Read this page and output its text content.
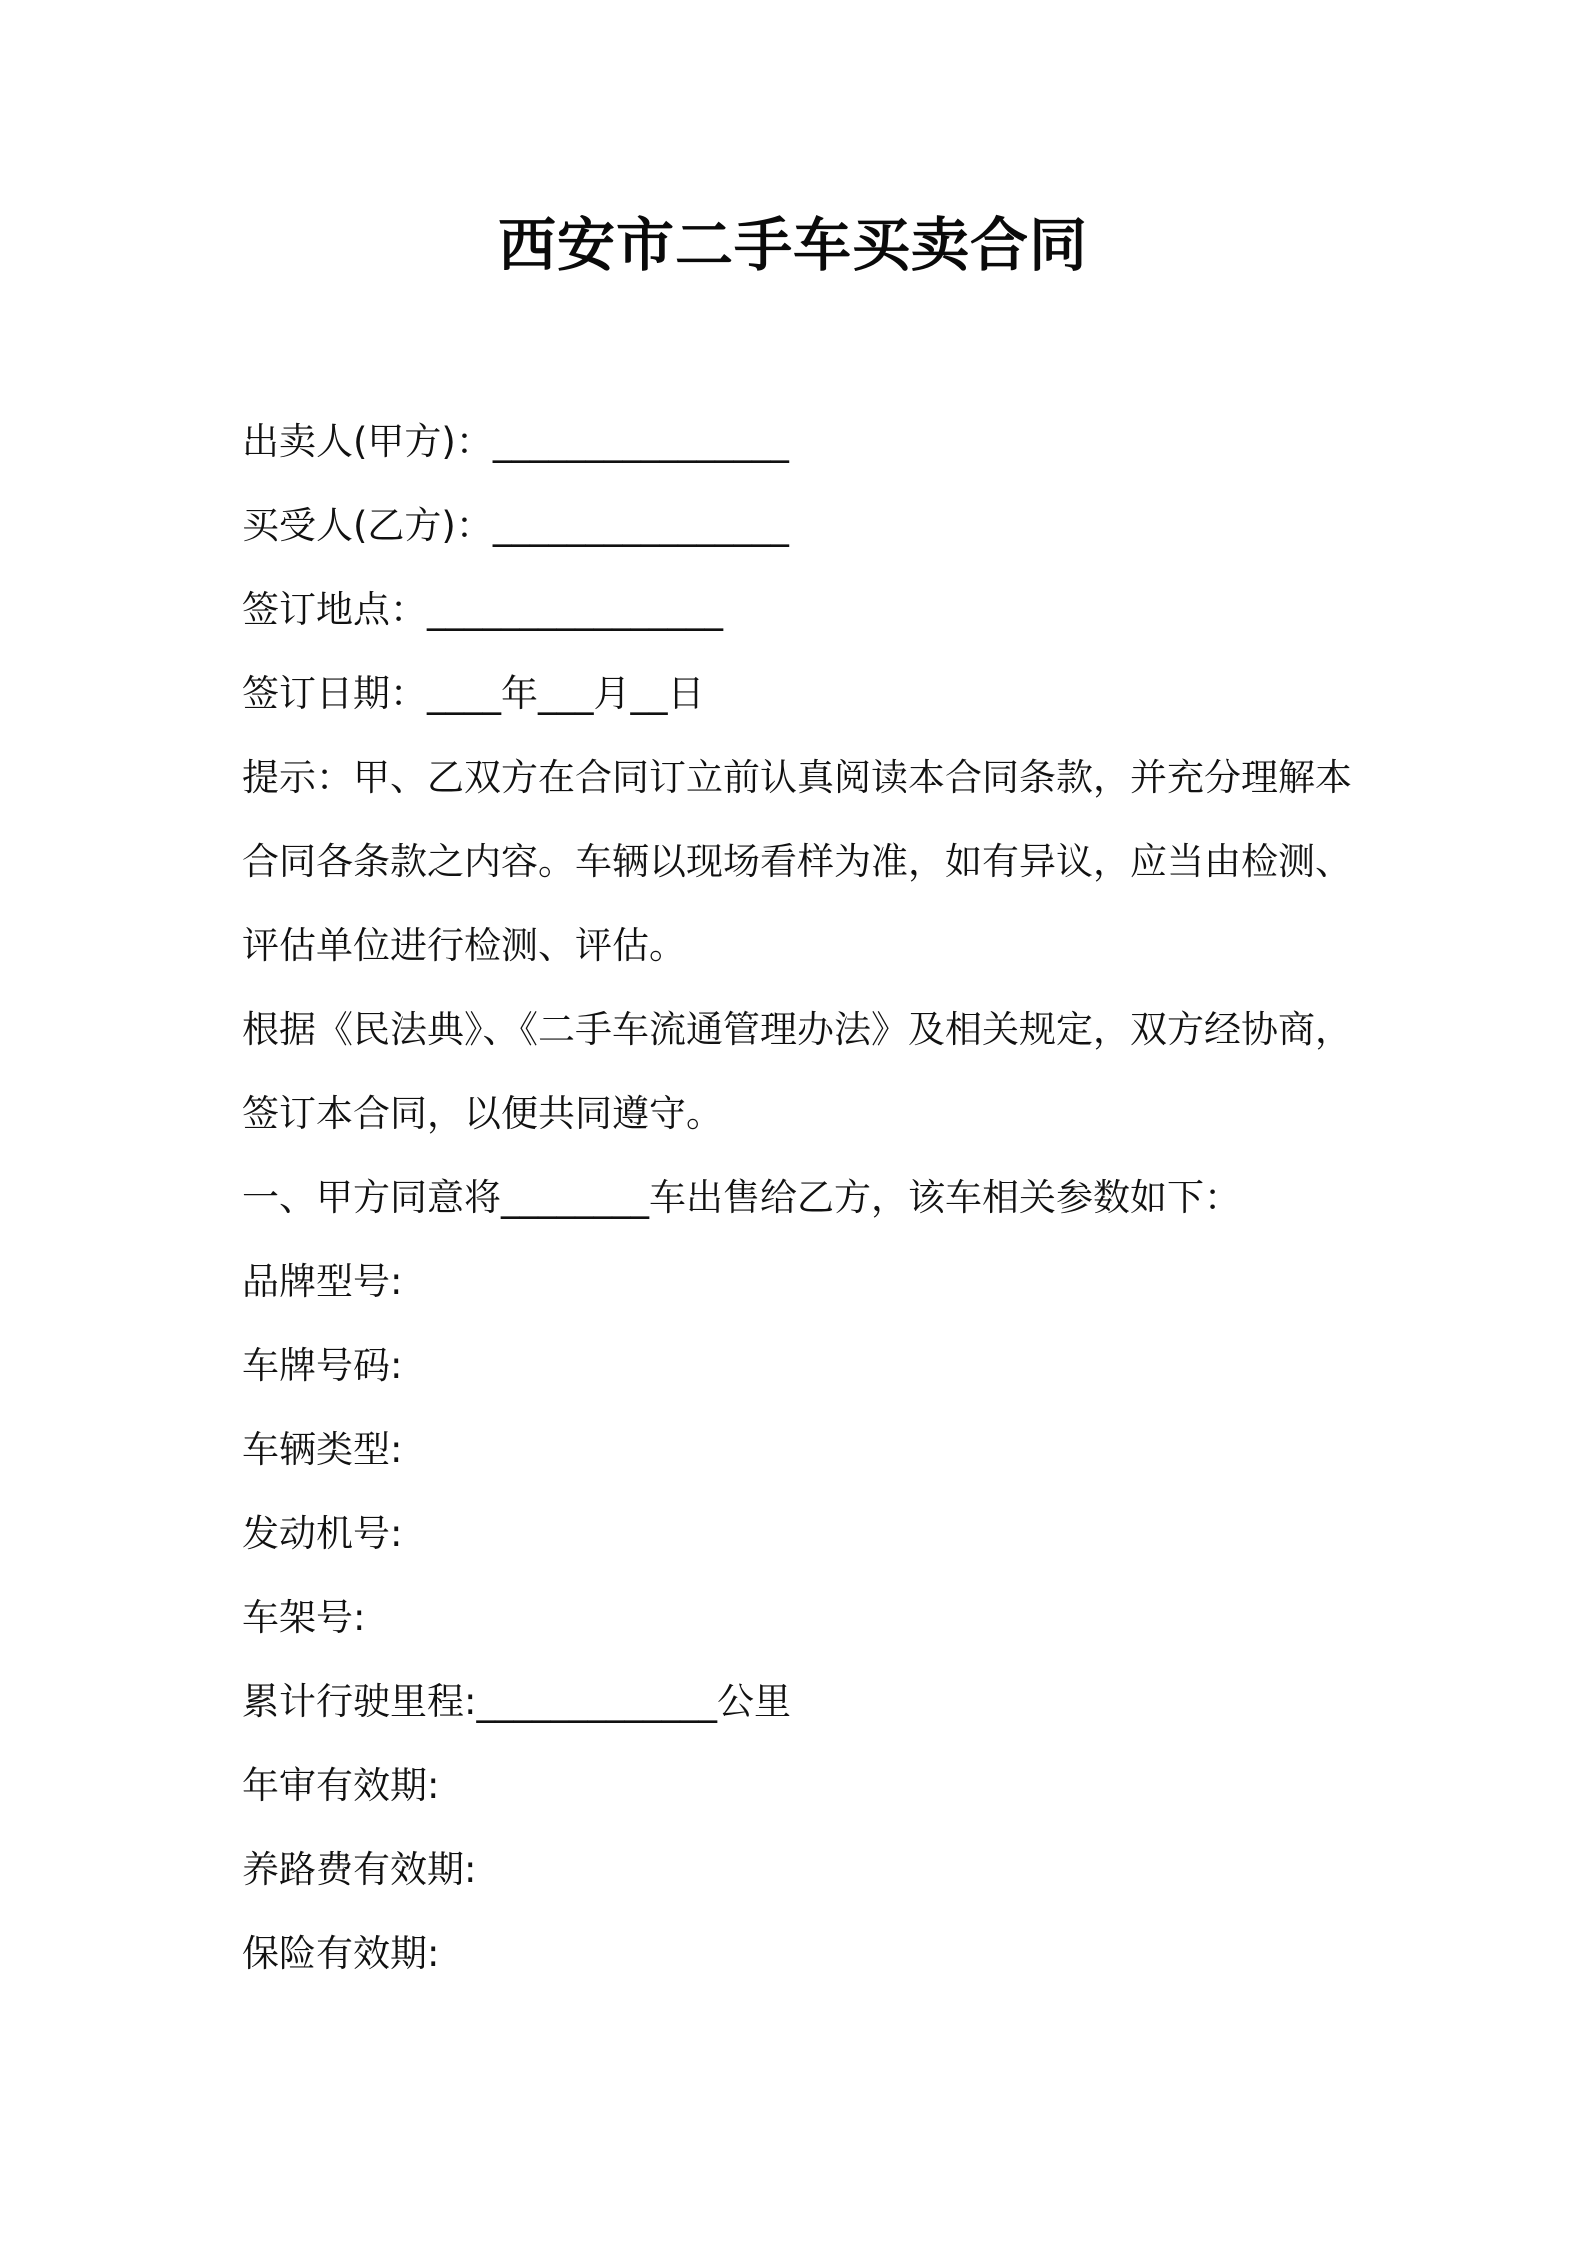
西安市二手车买卖合同
出卖人(甲方)：________________
买受人(乙方)：________________
签订地点：________________
签订日期：____年___月__日
提示：甲、乙双方在合同订立前认真阅读本合同条款，并充分理解本
合同各条款之内容。车辆以现场看样为准，如有异议，应当由检测、
评估单位进行检测、评估。
根据《民法典》、《二手车流通管理办法》及相关规定，双方经协商，
签订本合同，以便共同遵守。
一、甲方同意将________车出售给乙方，该车相关参数如下：
品牌型号:
车牌号码:
车辆类型:
发动机号:
车架号:
累计行驶里程:_____________公里
年审有效期:
养路费有效期:
保险有效期:
